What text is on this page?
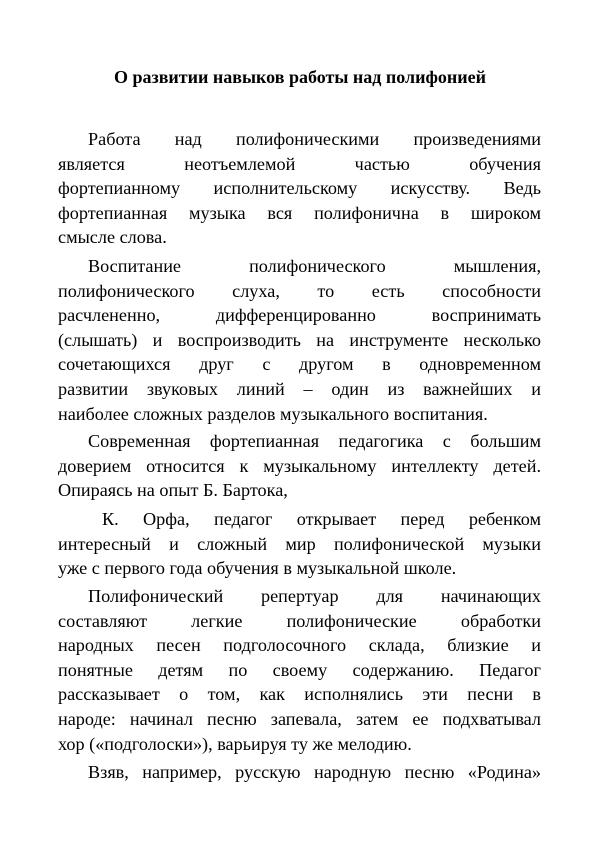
О развитии навыков работы над полифонией
Работа над полифоническими произведениями
является неотъемлемой частью обучения
фортепианному исполнительскому искусству. Ведь
фортепианная музыка вся полифонична в широком
смысле слова.
Воспитание полифонического мышления,
полифонического слуха, то есть способности
расчлененно, дифференцированно воспринимать
(слышать) и воспроизводить на инструменте несколько
сочетающихся друг с другом в одновременном
развитии звуковых линий – один из важнейших и
наиболее сложных разделов музыкального воспитания.
Современная фортепианная педагогика с большим
доверием относится к музыкальному интеллекту детей.
Опираясь на опыт Б. Бартока,
К. Орфа, педагог открывает перед ребенком
интересный и сложный мир полифонической музыки
уже с первого года обучения в музыкальной школе.
Полифонический репертуар для начинающих
составляют легкие полифонические обработки
народных песен подголосочного склада, близкие и
понятные детям по своему содержанию. Педагог
рассказывает о том, как исполнялись эти песни в
народе: начинал песню запевала, затем ее подхватывал
хор («подголоски»), варьируя ту же мелодию.
Взяв, например, русскую народную песню «Родина»
